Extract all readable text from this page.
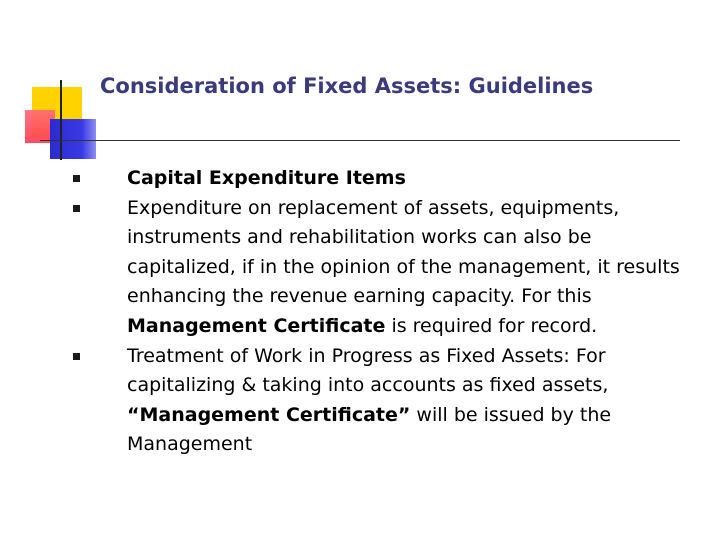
Consideration of Fixed Assets: Guidelines
Capital Expenditure Items
Expenditure on replacement of assets, equipments, instruments and rehabilitation works can also be capitalized, if in the opinion of the management, it results enhancing the revenue earning capacity. For this Management Certificate is required for record.
Treatment of Work in Progress as Fixed Assets: For capitalizing & taking into accounts as fixed assets, “Management Certificate” will be issued by the Management
